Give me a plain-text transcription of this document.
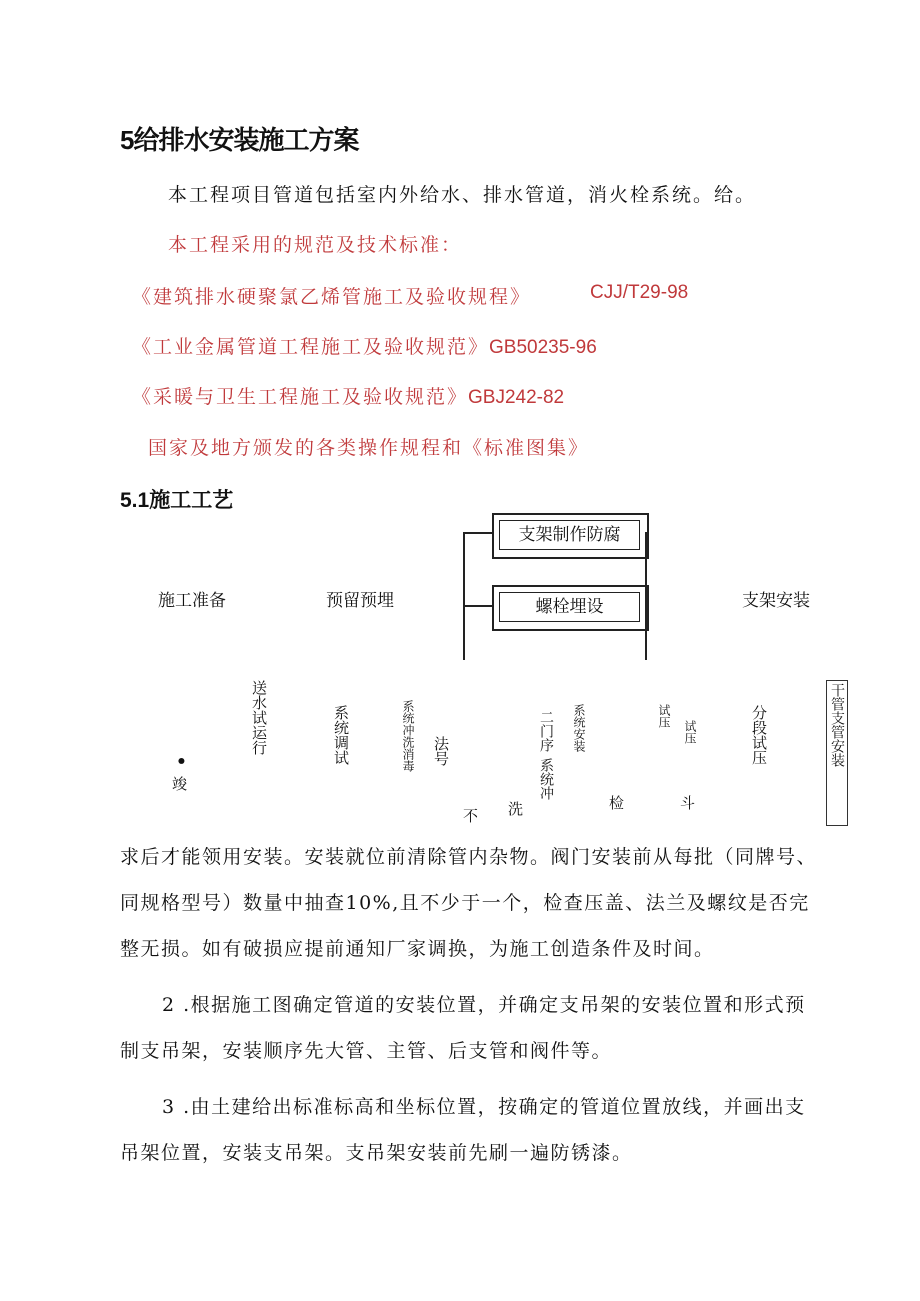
5给排水安装施工方案
本工程项目管道包括室内外给水、排水管道，消火栓系统。给。
本工程采用的规范及技术标准：
《建筑排水硬聚氯乙烯管施工及验收规程》	CJJ/T29-98
《工业金属管道工程施工及验收规范》GB50235-96
《采暖与卫生工程施工及验收规范》GBJ242-82
国家及地方颁发的各类操作规程和《标准图集》
5.1施工工艺
支架制作防腐
螺栓埋设
施工准备	预留预埋	支架安装
送水试运行	系统调试	系统冲洗消毒 法号	二门序
系统冲
系统安装	试压
试压	分段试压	干管支管安装
•
竣
不 洗	检	斗
求后才能领用安装。安装就位前清除管内杂物。阀门安装前从每批（同牌号、同规格型号）数量中抽查10%,且不少于一个，检查压盖、法兰及螺纹是否完整无损。如有破损应提前通知厂家调换，为施工创造条件及时间。
2 .根据施工图确定管道的安装位置，并确定支吊架的安装位置和形式预制支吊架，安装顺序先大管、主管、后支管和阀件等。
3 .由土建给出标准标高和坐标位置，按确定的管道位置放线，并画出支吊架位置，安装支吊架。支吊架安装前先刷一遍防锈漆。
